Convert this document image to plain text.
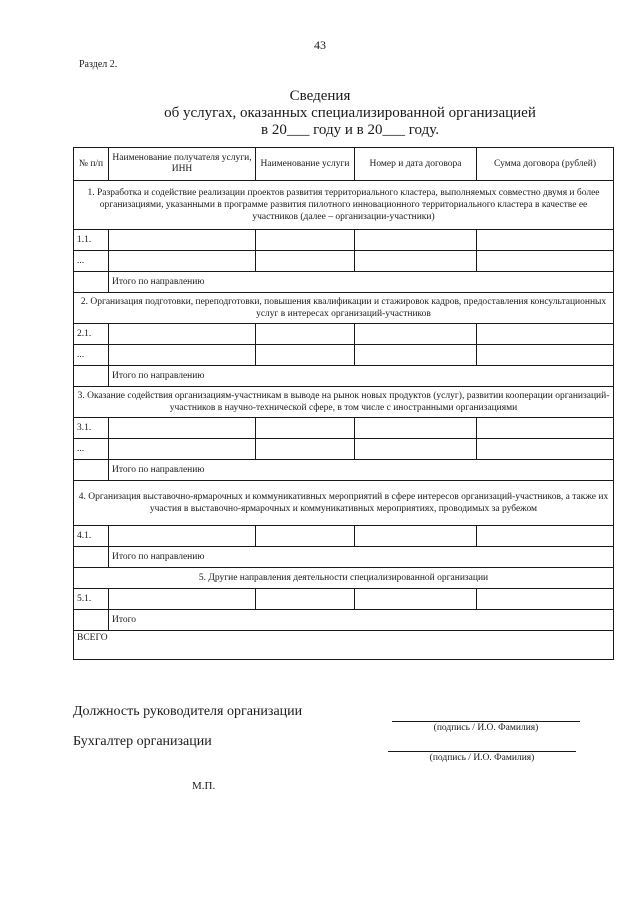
43
Раздел 2.
Сведения
об услугах, оказанных специализированной организацией
в 20___ году и в 20___ году.
№ п/п	Наименование получателя услуги, ИНН	Наименование услуги	Номер и дата договора	Сумма договора (рублей)
1. Разработка и содействие реализации проектов развития территориального кластера, выполняемых совместно двумя и более организациями, указанными в программе развития пилотного инновационного территориального кластера в качестве ее участников (далее – организации-участники)				
1.1.				
...				
	Итого по направлению			
2. Организация подготовки, переподготовки, повышения квалификации и стажировок кадров, предоставления консультационных услуг в интересах организаций-участников				
2.1.				
...				
	Итого по направлению			
3. Оказание содействия организациям-участникам в выводе на рынок новых продуктов (услуг), развитии кооперации организаций-участников в научно-технической сфере, в том числе с иностранными организациями				
3.1.				
...				
	Итого по направлению			
4. Организация выставочно-ярмарочных и коммуникативных мероприятий в сфере интересов организаций-участников, а также их участия в выставочно-ярмарочных и коммуникативных мероприятиях, проводимых за рубежом				
4.1.				
	Итого по направлению			
5. Другие направления деятельности специализированной организации				
5.1.				
	Итого			
ВСЕГО				
Должность руководителя организации
(подпись / И.О. Фамилия)
Бухгалтер организации
(подпись / И.О. Фамилия)
М.П.
